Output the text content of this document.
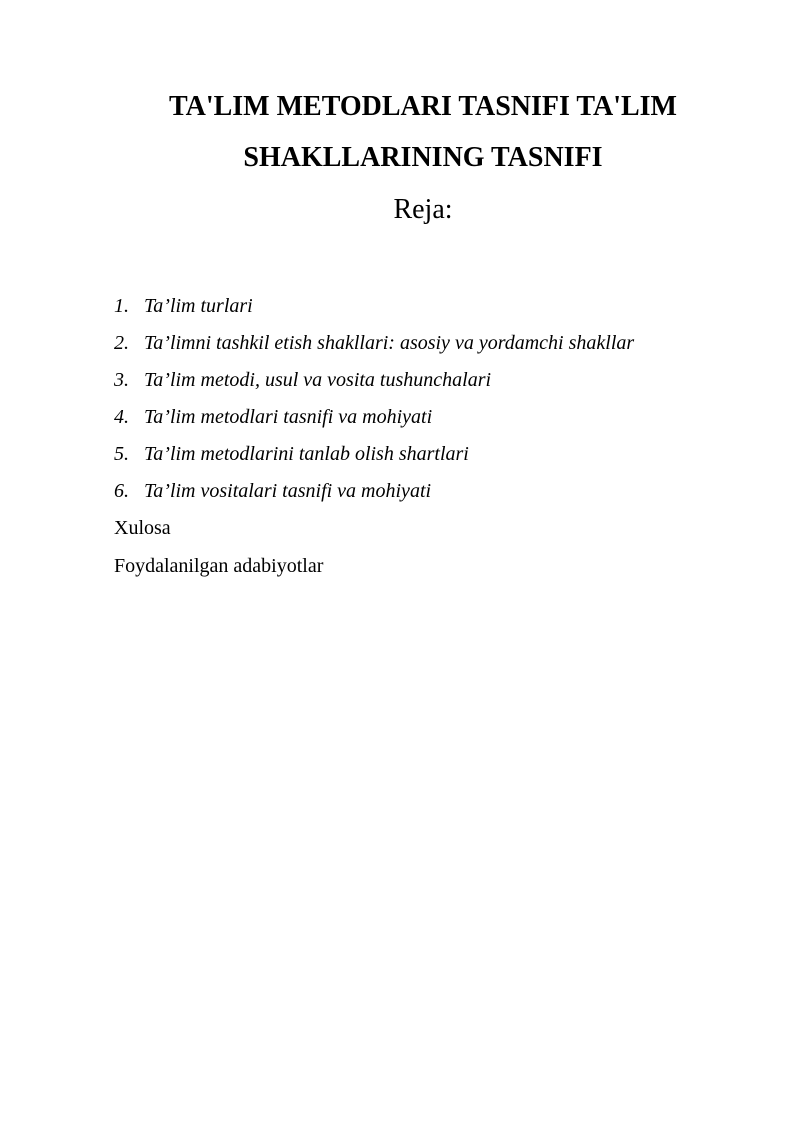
TA'LIM METODLARI TASNIFI TA'LIM
SHAKLLARINING TASNIFI

Reja:

1. Ta’lim turlari
2. Ta’limni tashkil etish shakllari: asosiy va yordamchi shakllar
3. Ta’lim metodi, usul va vosita tushunchalari
4. Ta’lim metodlari tasnifi va mohiyati
5. Ta’lim metodlarini tanlab olish shartlari
6. Ta’lim vositalari tasnifi va mohiyati

Xulosa

Foydalanilgan adabiyotlar
